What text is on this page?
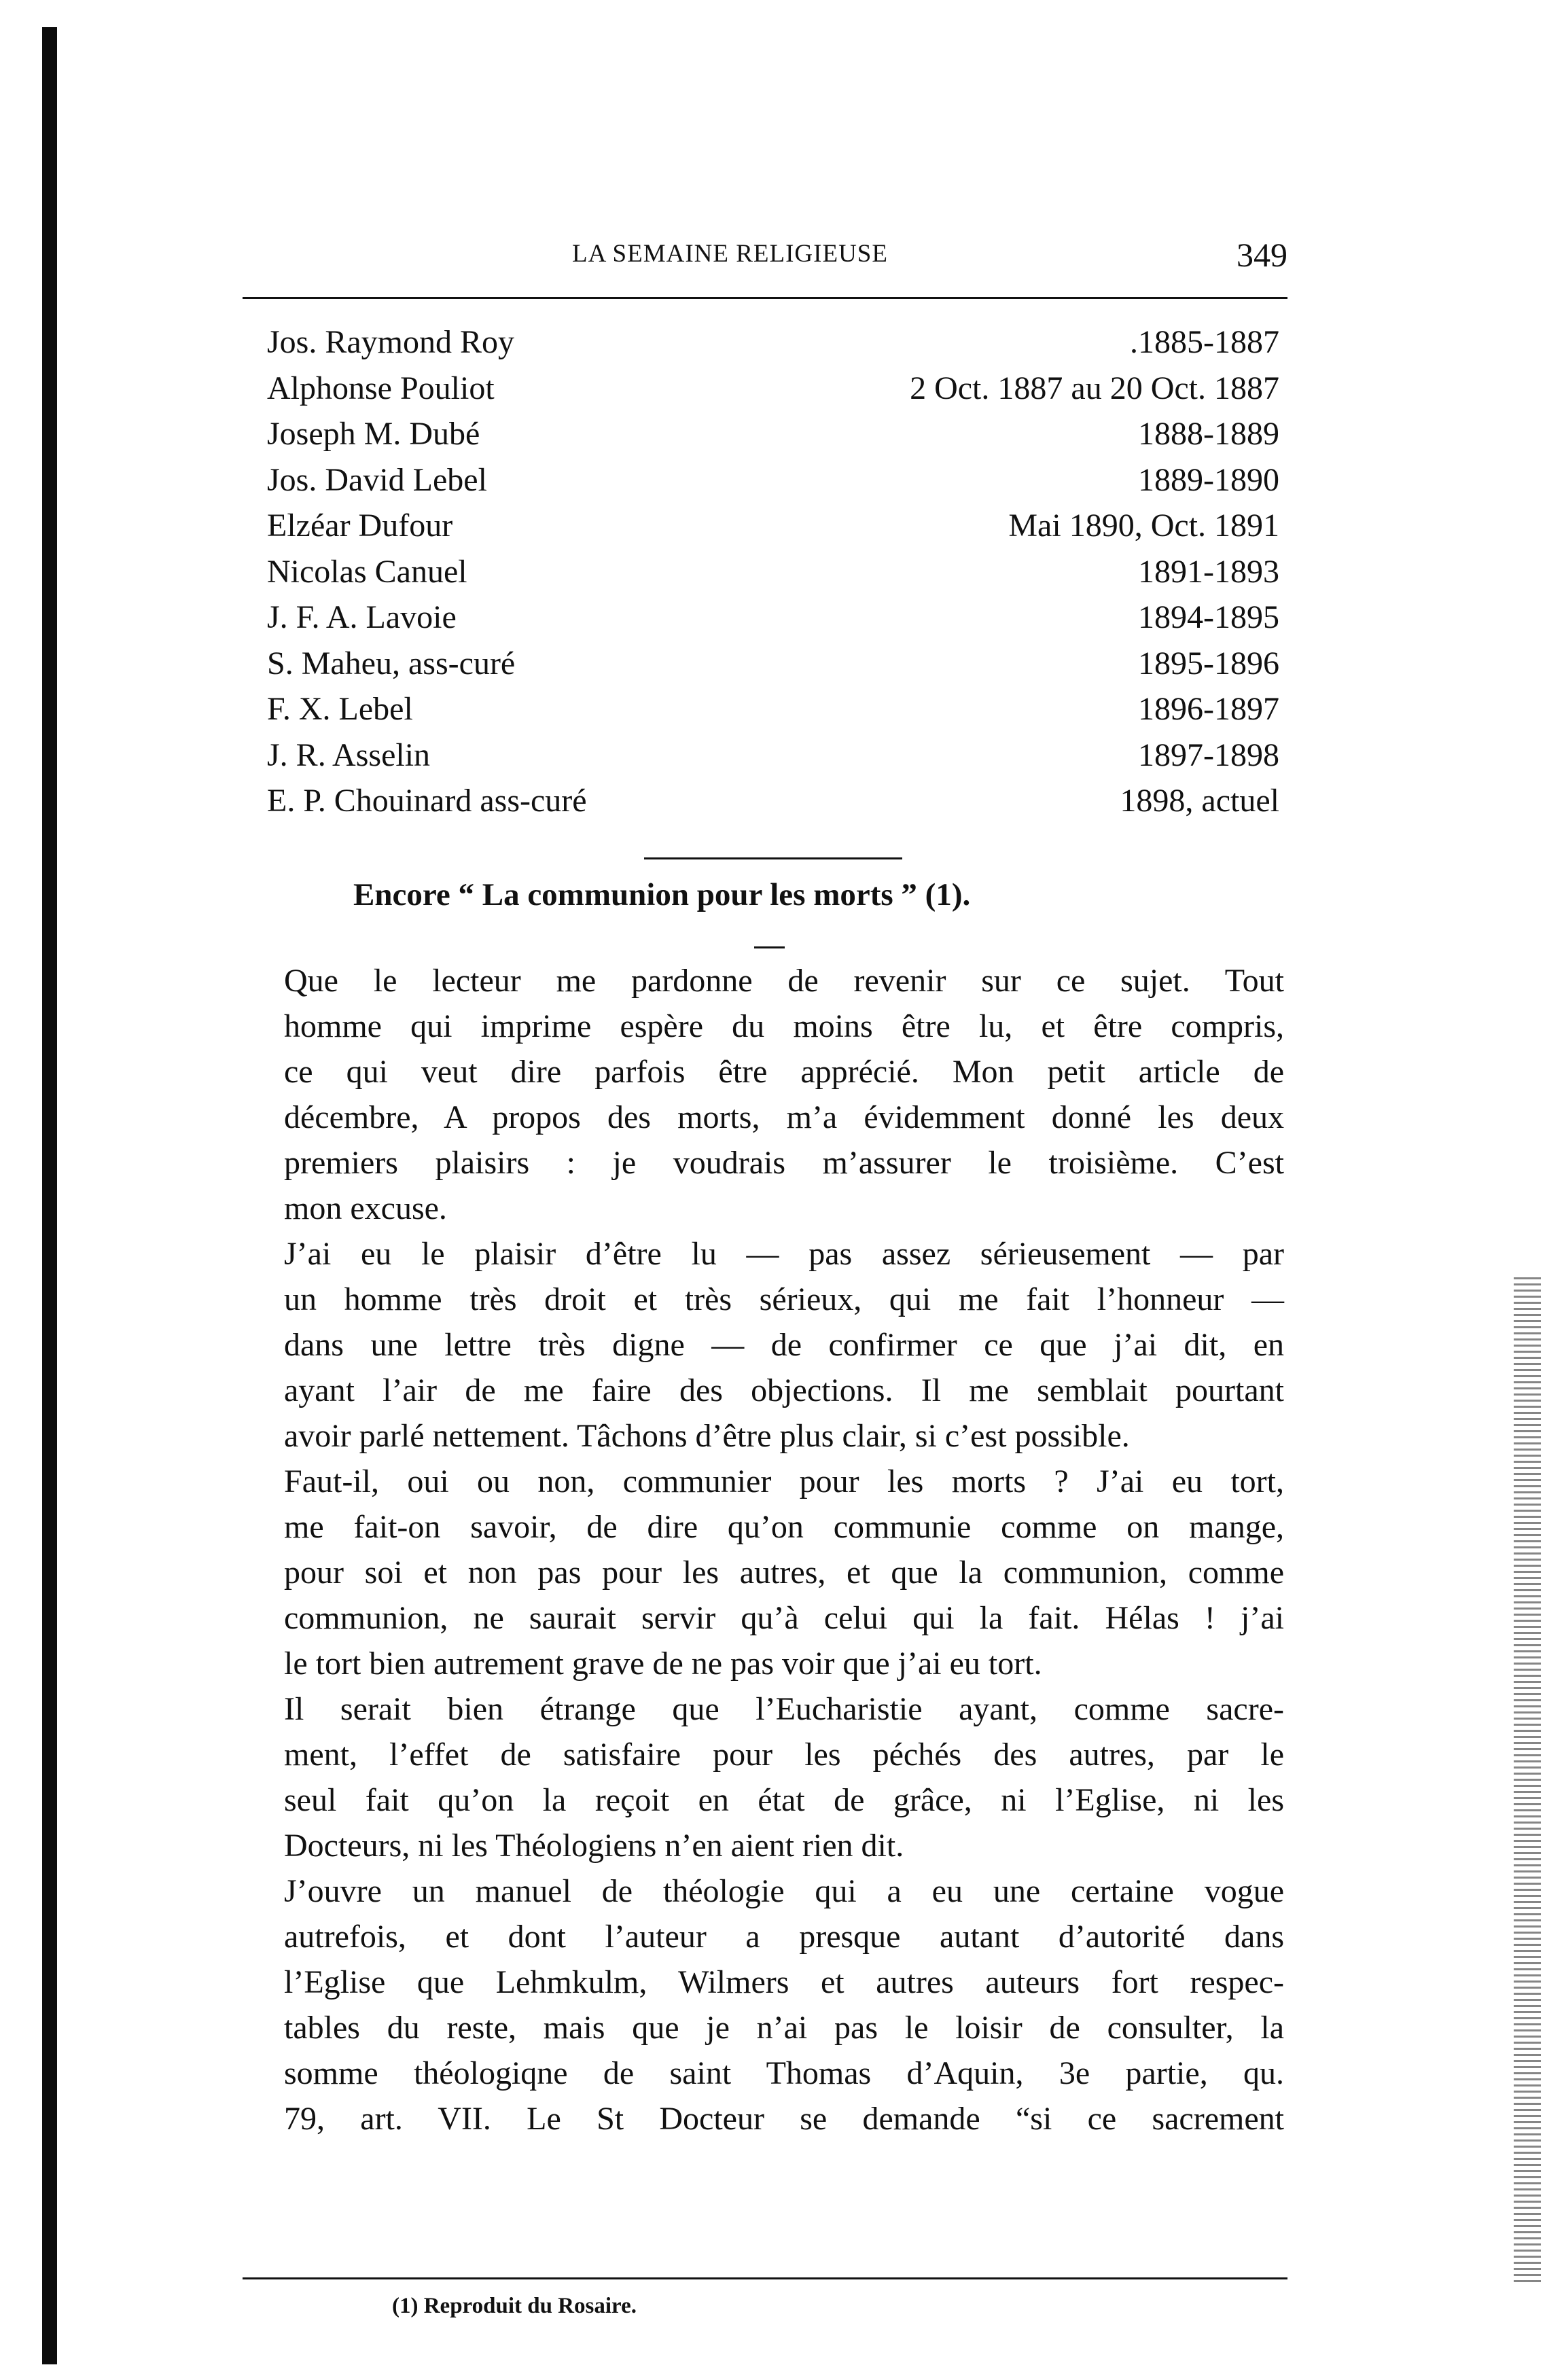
LA SEMAINE RELIGIEUSE	349
Jos. Raymond Roy	.1885-1887
Alphonse Pouliot	2 Oct. 1887 au 20 Oct. 1887
Joseph M. Dubé	1888-1889
Jos. David Lebel	1889-1890
Elzéar Dufour	Mai 1890, Oct. 1891
Nicolas Canuel	1891-1893
J. F. A. Lavoie	1894-1895
S. Maheu, ass-curé	1895-1896
F. X. Lebel	1896-1897
J. R. Asselin	1897-1898
E. P. Chouinard ass-curé	1898, actuel
Encore “ La communion pour les morts ” (1).
Que le lecteur me pardonne de revenir sur ce sujet. Tout
homme qui imprime espère du moins être lu, et être compris,
ce qui veut dire parfois être apprécié. Mon petit article de
décembre, A propos des morts, m’a évidemment donné les deux
premiers plaisirs : je voudrais m’assurer le troisième. C’est
mon excuse.
J’ai eu le plaisir d’être lu — pas assez sérieusement — par
un homme très droit et très sérieux, qui me fait l’honneur —
dans une lettre très digne — de confirmer ce que j’ai dit, en
ayant l’air de me faire des objections. Il me semblait pourtant
avoir parlé nettement. Tâchons d’être plus clair, si c’est possible.
Faut-il, oui ou non, communier pour les morts ? J’ai eu tort,
me fait-on savoir, de dire qu’on communie comme on mange,
pour soi et non pas pour les autres, et que la communion, comme
communion, ne saurait servir qu’à celui qui la fait. Hélas ! j’ai
le tort bien autrement grave de ne pas voir que j’ai eu tort.
Il serait bien étrange que l’Eucharistie ayant, comme sacre-
ment, l’effet de satisfaire pour les péchés des autres, par le
seul fait qu’on la reçoit en état de grâce, ni l’Eglise, ni les
Docteurs, ni les Théologiens n’en aient rien dit.
J’ouvre un manuel de théologie qui a eu une certaine vogue
autrefois, et dont l’auteur a presque autant d’autorité dans
l’Eglise que Lehmkulm, Wilmers et autres auteurs fort respec-
tables du reste, mais que je n’ai pas le loisir de consulter, la
somme théologiqne de saint Thomas d’Aquin, 3e partie, qu.
79, art. VII. Le St Docteur se demande “si ce sacrement
(1) Reproduit du Rosaire.
